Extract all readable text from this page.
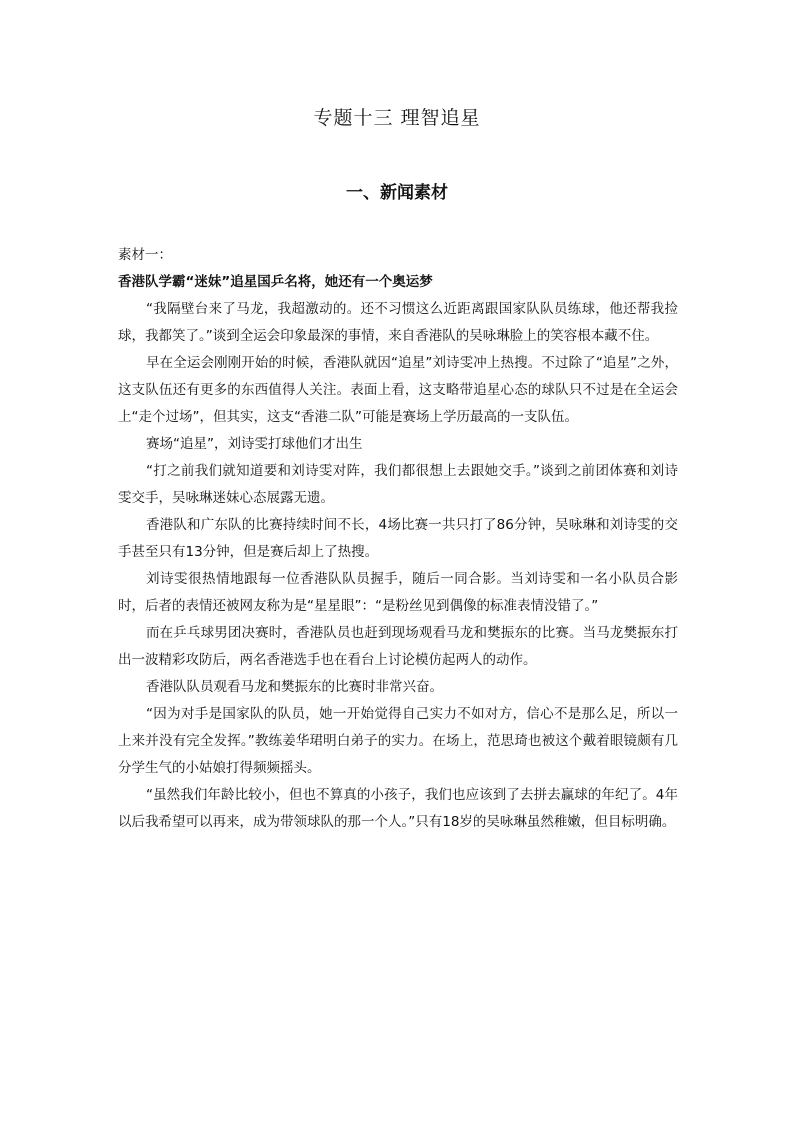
专题十三 理智追星
一、新闻素材

素材一：

香港队学霸“迷妹”追星国乒名将，她还有一个奥运梦

“我隔壁台来了马龙，我超激动的。还不习惯这么近距离跟国家队队员练球，他还帮我捡球，我都笑了。”谈到全运会印象最深的事情，来自香港队的吴咏琳脸上的笑容根本藏不住。

早在全运会刚刚开始的时候，香港队就因“追星”刘诗雯冲上热搜。不过除了“追星”之外，这支队伍还有更多的东西值得人关注。表面上看，这支略带追星心态的球队只不过是在全运会上“走个过场”，但其实，这支“香港二队”可能是赛场上学历最高的一支队伍。

赛场“追星”，刘诗雯打球他们才出生

“打之前我们就知道要和刘诗雯对阵，我们都很想上去跟她交手。”谈到之前团体赛和刘诗雯交手，吴咏琳迷妹心态展露无遗。

香港队和广东队的比赛持续时间不长，4场比赛一共只打了86分钟，吴咏琳和刘诗雯的交手甚至只有13分钟，但是赛后却上了热搜。

刘诗雯很热情地跟每一位香港队队员握手，随后一同合影。当刘诗雯和一名小队员合影时，后者的表情还被网友称为是“星星眼”：“是粉丝见到偶像的标准表情没错了。”

而在乒乓球男团决赛时，香港队员也赶到现场观看马龙和樊振东的比赛。当马龙樊振东打出一波精彩攻防后，两名香港选手也在看台上讨论模仿起两人的动作。

香港队队员观看马龙和樊振东的比赛时非常兴奋。

“因为对手是国家队的队员，她一开始觉得自己实力不如对方，信心不是那么足，所以一上来并没有完全发挥。”教练姜华珺明白弟子的实力。在场上，范思琦也被这个戴着眼镜颇有几分学生气的小姑娘打得频频摇头。

“虽然我们年龄比较小，但也不算真的小孩子，我们也应该到了去拼去赢球的年纪了。4年以后我希望可以再来，成为带领球队的那一个人。”只有18岁的吴咏琳虽然稚嫩，但目标明确。
